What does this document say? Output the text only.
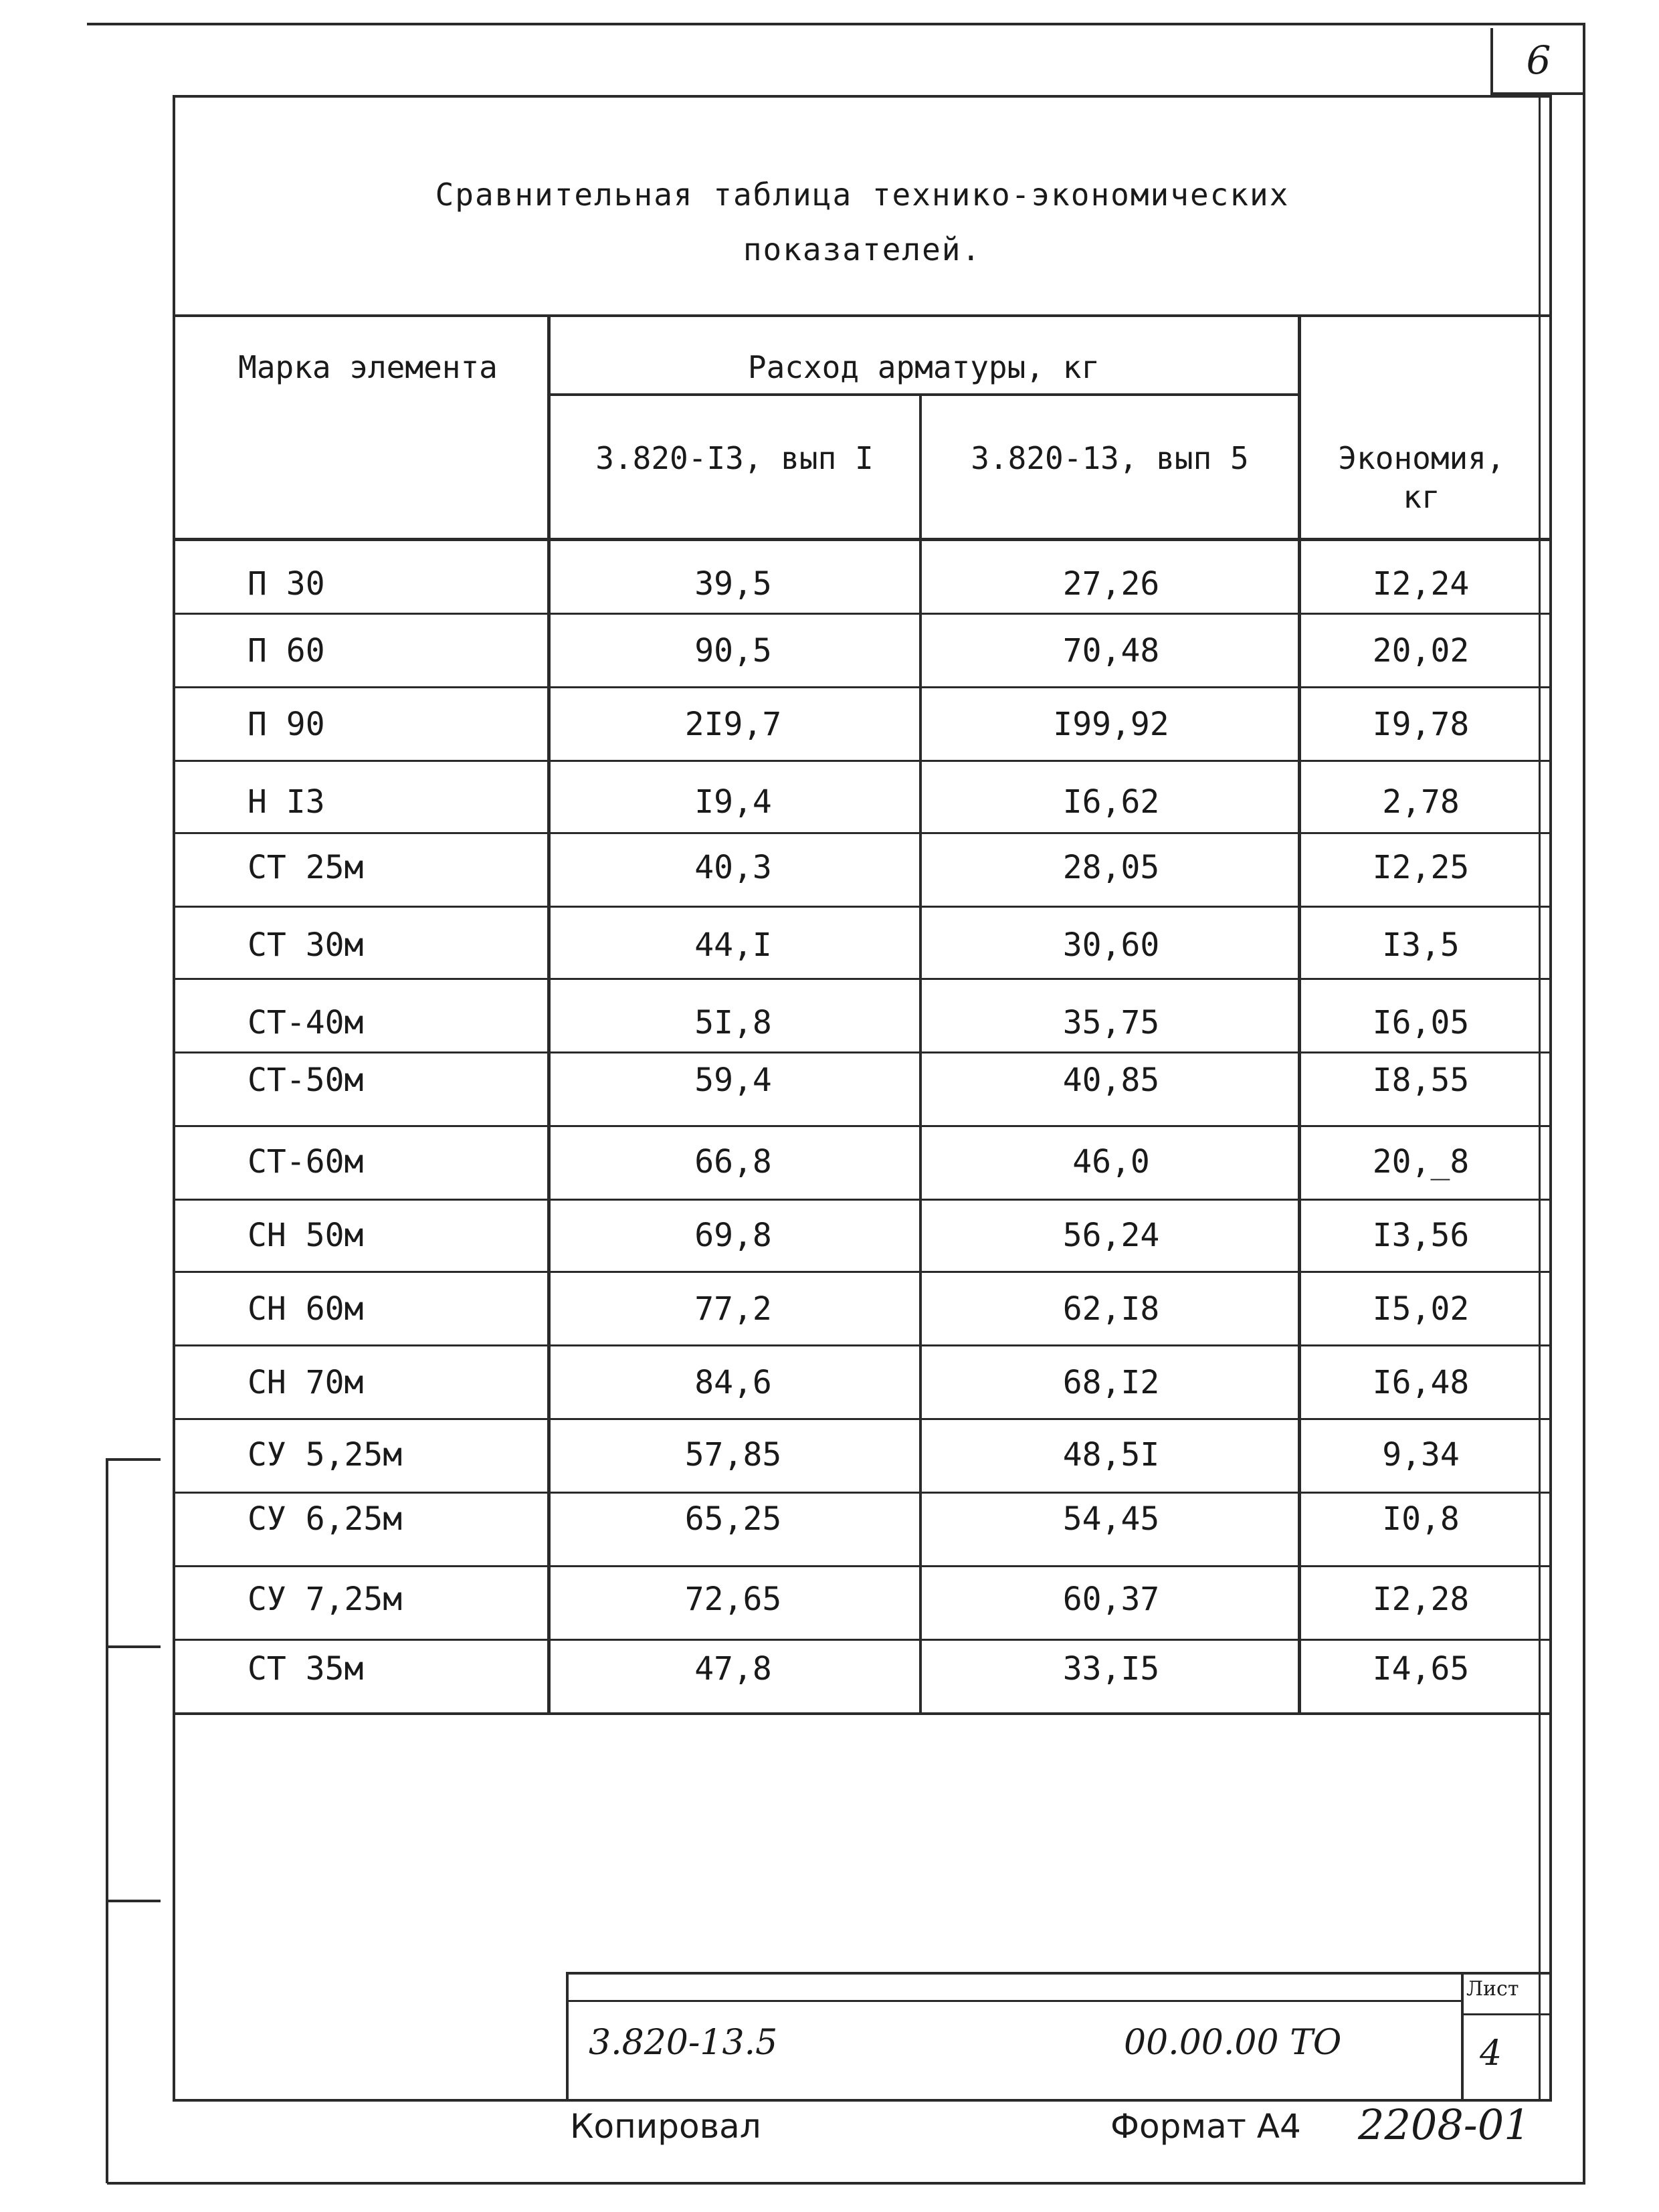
6
Сравнительная таблица технико-экономических
показателей.
Марка элемента	Расход арматуры, кг
3.820-I3, вып I	3.820-13, вып 5	Экономия, кг
П 30	39,5	27,26	I2,24
П 60	90,5	70,48	20,02
П 90	2I9,7	I99,92	I9,78
Н I3	I9,4	I6,62	2,78
СТ 25м	40,3	28,05	I2,25
СТ 30м	44,I	30,60	I3,5
СТ-40м	5I,8	35,75	I6,05
СТ-50м	59,4	40,85	I8,55
СТ-60м	66,8	46,0	20,_8
СН 50м	69,8	56,24	I3,56
СН 60м	77,2	62,I8	I5,02
СН 70м	84,6	68,I2	I6,48
СУ 5,25м	57,85	48,5I	9,34
СУ 6,25м	65,25	54,45	I0,8
СУ 7,25м	72,65	60,37	I2,28
СТ 35м	47,8	33,I5	I4,65
3.820-13.5	00.00.00 ТО
Лист
4
Копировал	Формат А4 2208-01
